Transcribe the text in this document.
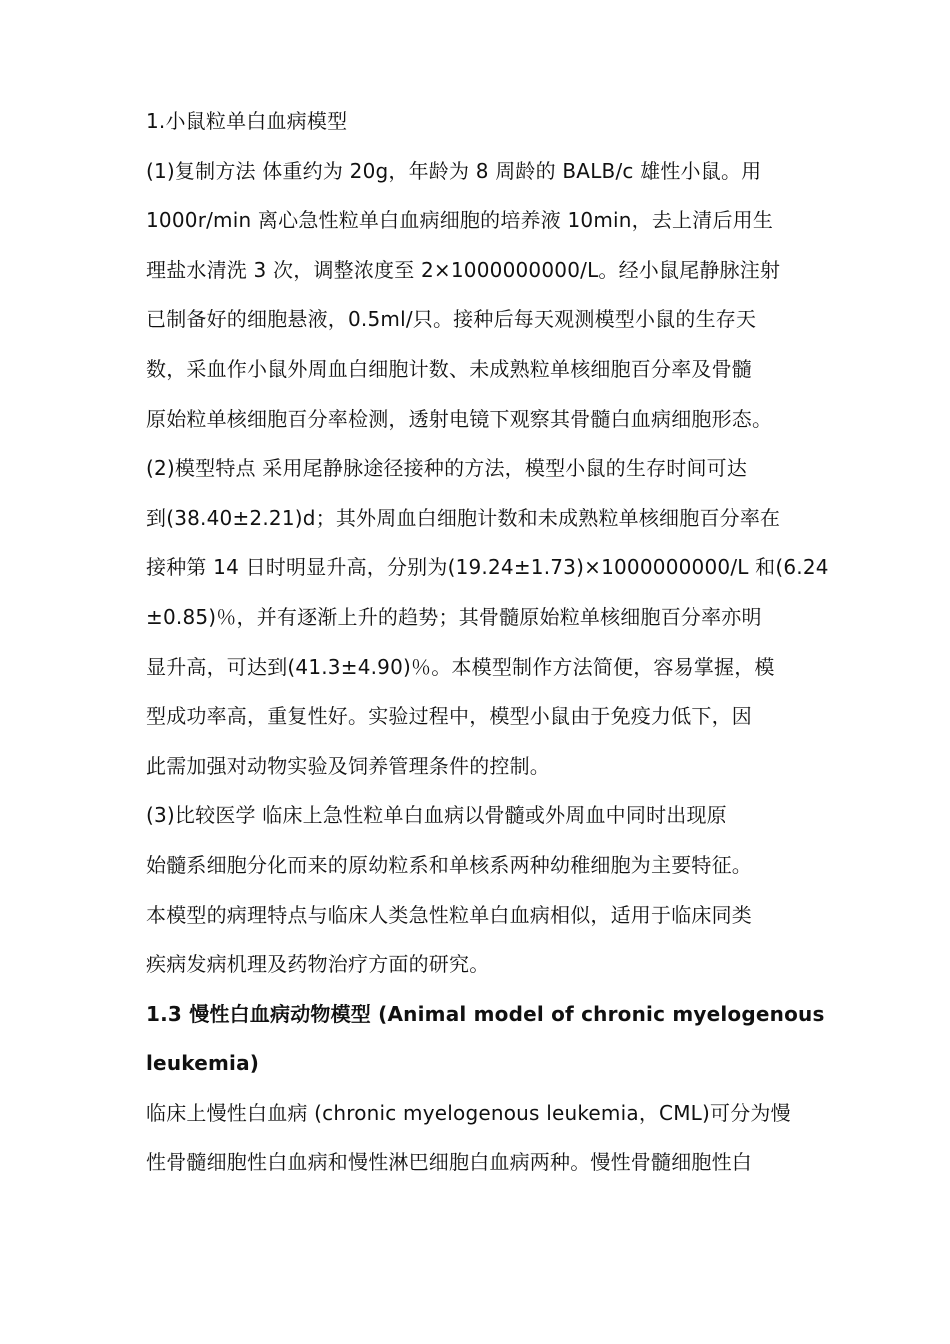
1.小鼠粒单白血病模型
(1)复制方法 体重约为 20g，年龄为 8 周龄的 BALB/c 雄性小鼠。用
1000r/min 离心急性粒单白血病细胞的培养液 10min，去上清后用生
理盐水清洗 3 次，调整浓度至 2×1000000000/L。经小鼠尾静脉注射
已制备好的细胞悬液，0.5ml/只。接种后每天观测模型小鼠的生存天
数，采血作小鼠外周血白细胞计数、未成熟粒单核细胞百分率及骨髓
原始粒单核细胞百分率检测，透射电镜下观察其骨髓白血病细胞形态。
(2)模型特点 采用尾静脉途径接种的方法，模型小鼠的生存时间可达
到(38.40±2.21)d；其外周血白细胞计数和未成熟粒单核细胞百分率在
接种第 14 日时明显升高，分别为(19.24±1.73)×1000000000/L 和(6.24
±0.85)％，并有逐渐上升的趋势；其骨髓原始粒单核细胞百分率亦明
显升高，可达到(41.3±4.90)％。本模型制作方法简便，容易掌握，模
型成功率高，重复性好。实验过程中，模型小鼠由于免疫力低下，因
此需加强对动物实验及饲养管理条件的控制。
(3)比较医学 临床上急性粒单白血病以骨髓或外周血中同时出现原
始髓系细胞分化而来的原幼粒系和单核系两种幼稚细胞为主要特征。
本模型的病理特点与临床人类急性粒单白血病相似，适用于临床同类
疾病发病机理及药物治疗方面的研究。
1.3 慢性白血病动物模型 (Animal model of chronic myelogenous
leukemia)
临床上慢性白血病 (chronic myelogenous leukemia，CML)可分为慢
性骨髓细胞性白血病和慢性淋巴细胞白血病两种。慢性骨髓细胞性白
